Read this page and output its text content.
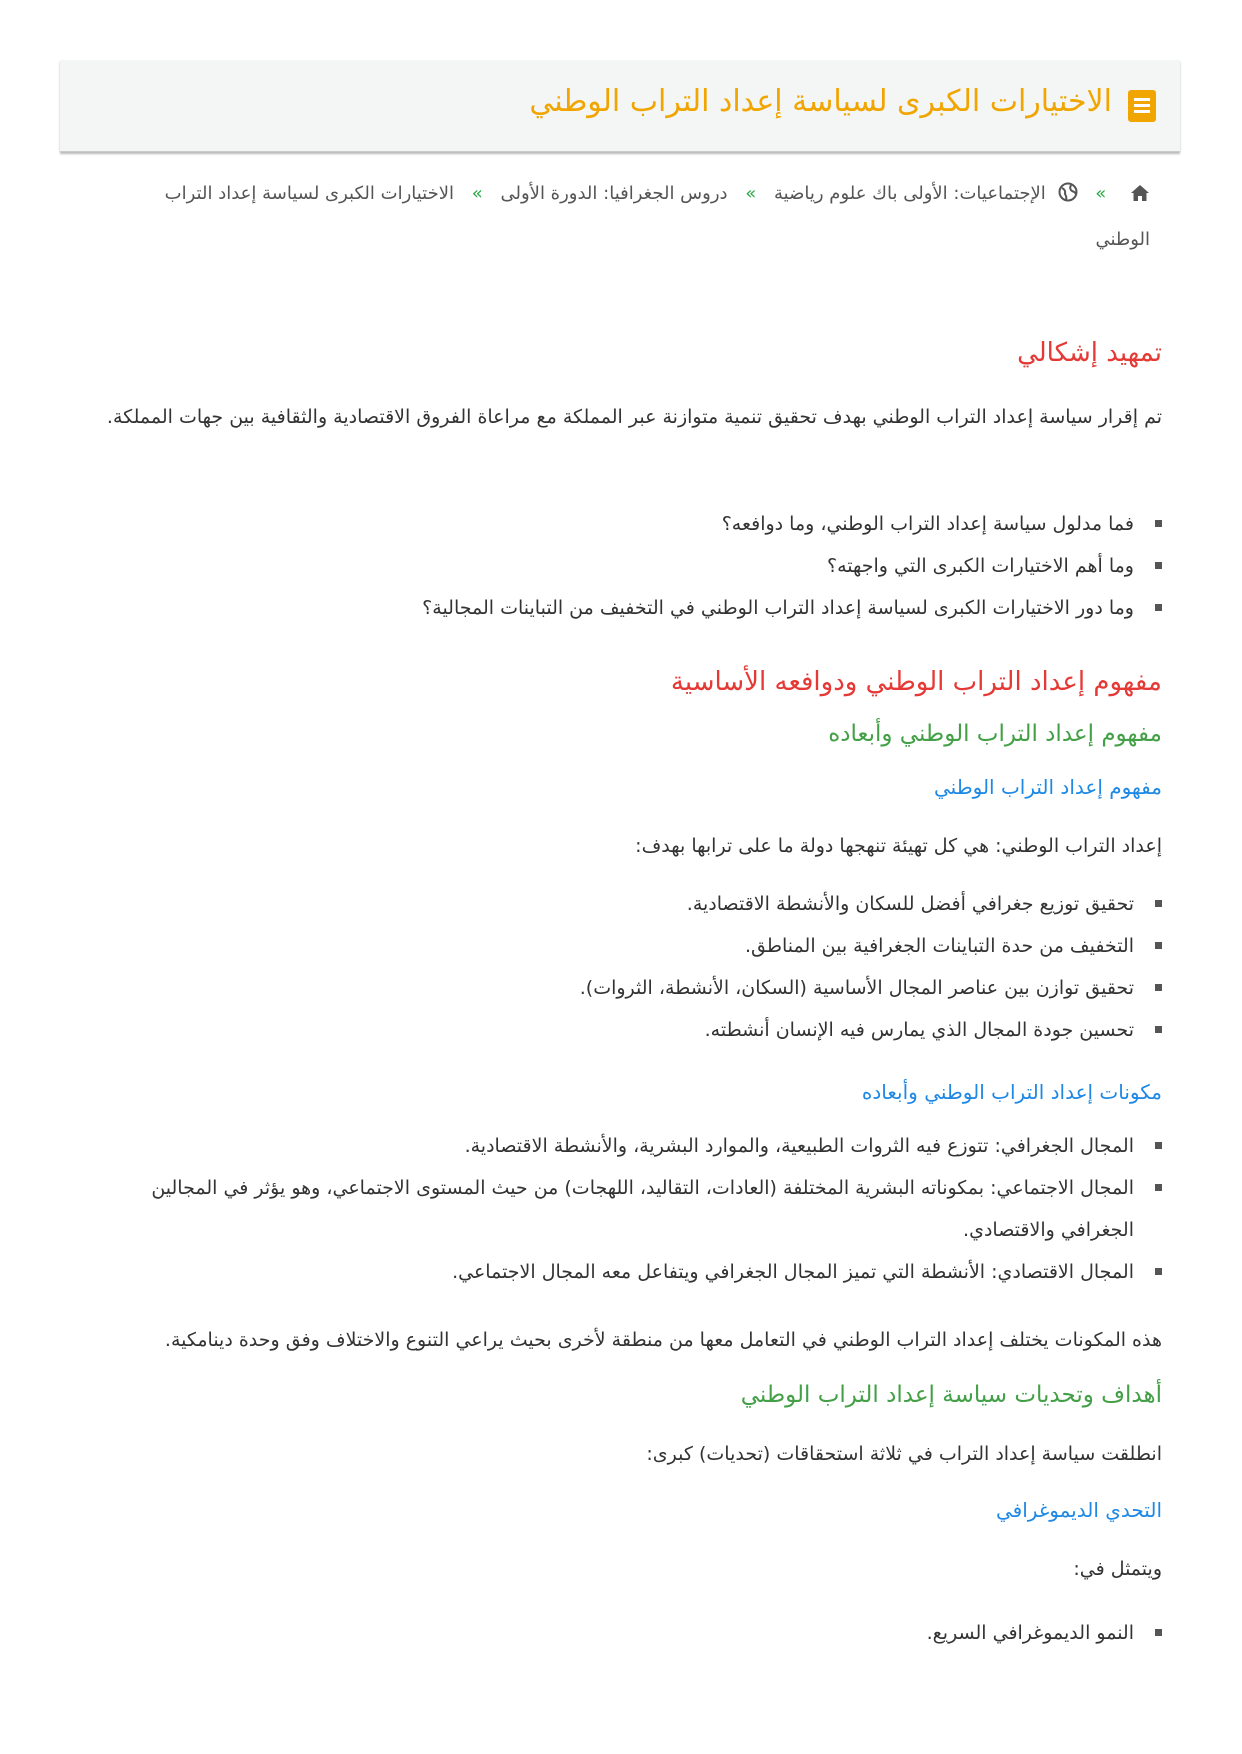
الاختيارات الكبرى لسياسة إعداد التراب الوطني
»  الإجتماعيات: الأولى باك علوم رياضية » دروس الجغرافيا: الدورة الأولى » الاختيارات الكبرى لسياسة إعداد التراب الوطني
تمهيد إشكالي

تم إقرار سياسة إعداد التراب الوطني بهدف تحقيق تنمية متوازنة عبر المملكة مع مراعاة الفروق الاقتصادية والثقافية بين جهات المملكة.

فما مدلول سياسة إعداد التراب الوطني، وما دوافعه؟
وما أهم الاختيارات الكبرى التي واجهته؟
وما دور الاختيارات الكبرى لسياسة إعداد التراب الوطني في التخفيف من التباينات المجالية؟
مفهوم إعداد التراب الوطني ودوافعه الأساسية
مفهوم إعداد التراب الوطني وأبعاده
مفهوم إعداد التراب الوطني

إعداد التراب الوطني: هي كل تهيئة تنهجها دولة ما على ترابها بهدف:

تحقيق توزيع جغرافي أفضل للسكان والأنشطة الاقتصادية.
التخفيف من حدة التباينات الجغرافية بين المناطق.
تحقيق توازن بين عناصر المجال الأساسية (السكان، الأنشطة، الثروات).
تحسين جودة المجال الذي يمارس فيه الإنسان أنشطته.
مكونات إعداد التراب الوطني وأبعاده
المجال الجغرافي: تتوزع فيه الثروات الطبيعية، والموارد البشرية، والأنشطة الاقتصادية.
المجال الاجتماعي: بمكوناته البشرية المختلفة (العادات، التقاليد، اللهجات) من حيث المستوى الاجتماعي، وهو يؤثر في المجالين الجغرافي والاقتصادي.
المجال الاقتصادي: الأنشطة التي تميز المجال الجغرافي ويتفاعل معه المجال الاجتماعي.

هذه المكونات يختلف إعداد التراب الوطني في التعامل معها من منطقة لأخرى بحيث يراعي التنوع والاختلاف وفق وحدة دينامكية.

أهداف وتحديات سياسة إعداد التراب الوطني

انطلقت سياسة إعداد التراب في ثلاثة استحقاقات (تحديات) كبرى:

التحدي الديموغرافي

ويتمثل في:

النمو الديموغرافي السريع.
